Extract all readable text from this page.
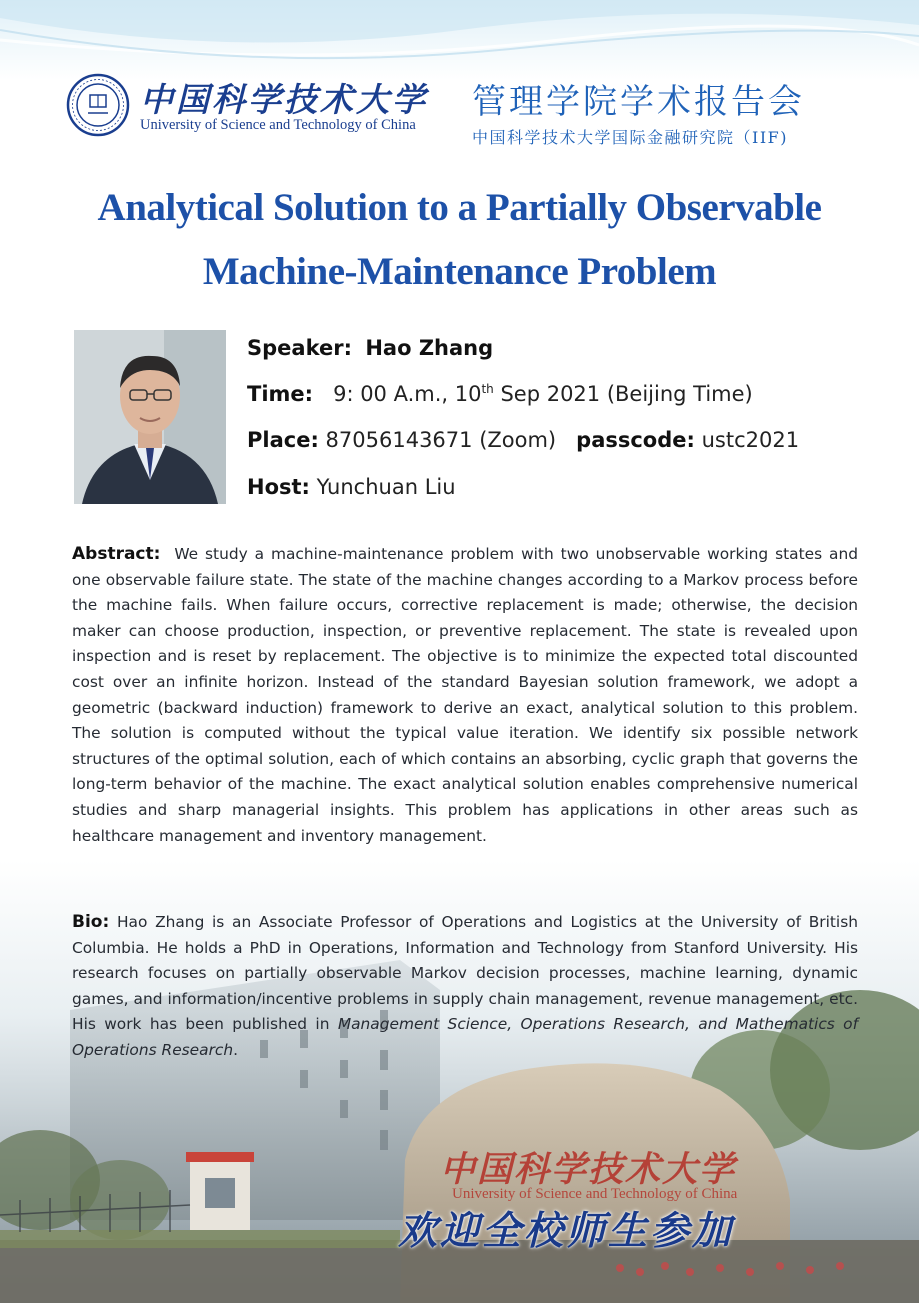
中国科学技术大学
University of Science and Technology of China
管理学院学术报告会
中国科学技术大学国际金融研究院（IIF)
Analytical Solution to a Partially Observable
Machine-Maintenance Problem
Speaker: Hao Zhang
Time: 9: 00 A.m., 10th Sep 2021 (Beijing Time)
Place: 87056143671 (Zoom) passcode: ustc2021
Host: Yunchuan Liu
Abstract: We study a machine-maintenance problem with two unobservable working states and one observable failure state. The state of the machine changes according to a Markov process before the machine fails. When failure occurs, corrective replacement is made; otherwise, the decision maker can choose production, inspection, or preventive replacement. The state is revealed upon inspection and is reset by replacement. The objective is to minimize the expected total discounted cost over an infinite horizon. Instead of the standard Bayesian solution framework, we adopt a geometric (backward induction) framework to derive an exact, analytical solution to this problem. The solution is computed without the typical value iteration. We identify six possible network structures of the optimal solution, each of which contains an absorbing, cyclic graph that governs the long-term behavior of the machine. The exact analytical solution enables comprehensive numerical studies and sharp managerial insights. This problem has applications in other areas such as healthcare management and inventory management.
Bio: Hao Zhang is an Associate Professor of Operations and Logistics at the University of British Columbia. He holds a PhD in Operations, Information and Technology from Stanford University. His research focuses on partially observable Markov decision processes, machine learning, dynamic games, and information/incentive problems in supply chain management, revenue management, etc. His work has been published in Management Science, Operations Research, and Mathematics of Operations Research.
中国科学技术大学
University of Science and Technology of China
欢迎全校师生参加
